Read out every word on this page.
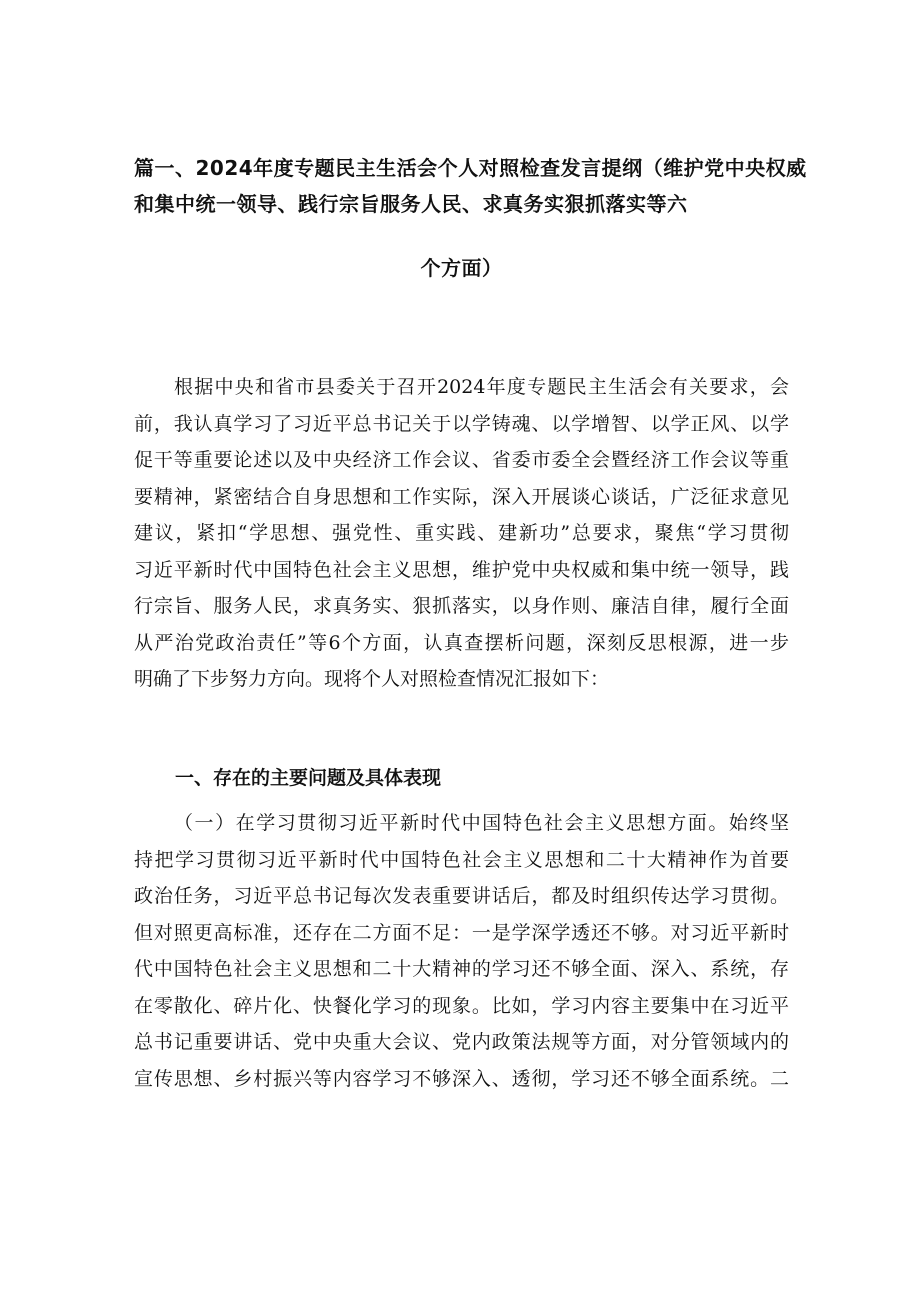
篇一、2024年度专题民主生活会个人对照检查发言提纲（维护党中央权威
和集中统一领导、践行宗旨服务人民、求真务实狠抓落实等六
个方面）
根据中央和省市县委关于召开2024年度专题民主生活会有关要求，会
前，我认真学习了习近平总书记关于以学铸魂、以学增智、以学正风、以学
促干等重要论述以及中央经济工作会议、省委市委全会暨经济工作会议等重
要精神，紧密结合自身思想和工作实际，深入开展谈心谈话，广泛征求意见
建议，紧扣“学思想、强党性、重实践、建新功”总要求，聚焦“学习贯彻
习近平新时代中国特色社会主义思想，维护党中央权威和集中统一领导，践
行宗旨、服务人民，求真务实、狠抓落实，以身作则、廉洁自律，履行全面
从严治党政治责任”等6个方面，认真查摆析问题，深刻反思根源，进一步
明确了下步努力方向。现将个人对照检查情况汇报如下：
一、存在的主要问题及具体表现
（一）在学习贯彻习近平新时代中国特色社会主义思想方面。始终坚
持把学习贯彻习近平新时代中国特色社会主义思想和二十大精神作为首要
政治任务，习近平总书记每次发表重要讲话后，都及时组织传达学习贯彻。
但对照更高标准，还存在二方面不足：一是学深学透还不够。对习近平新时
代中国特色社会主义思想和二十大精神的学习还不够全面、深入、系统，存
在零散化、碎片化、快餐化学习的现象。比如，学习内容主要集中在习近平
总书记重要讲话、党中央重大会议、党内政策法规等方面，对分管领域内的
宣传思想、乡村振兴等内容学习不够深入、透彻，学习还不够全面系统。二
